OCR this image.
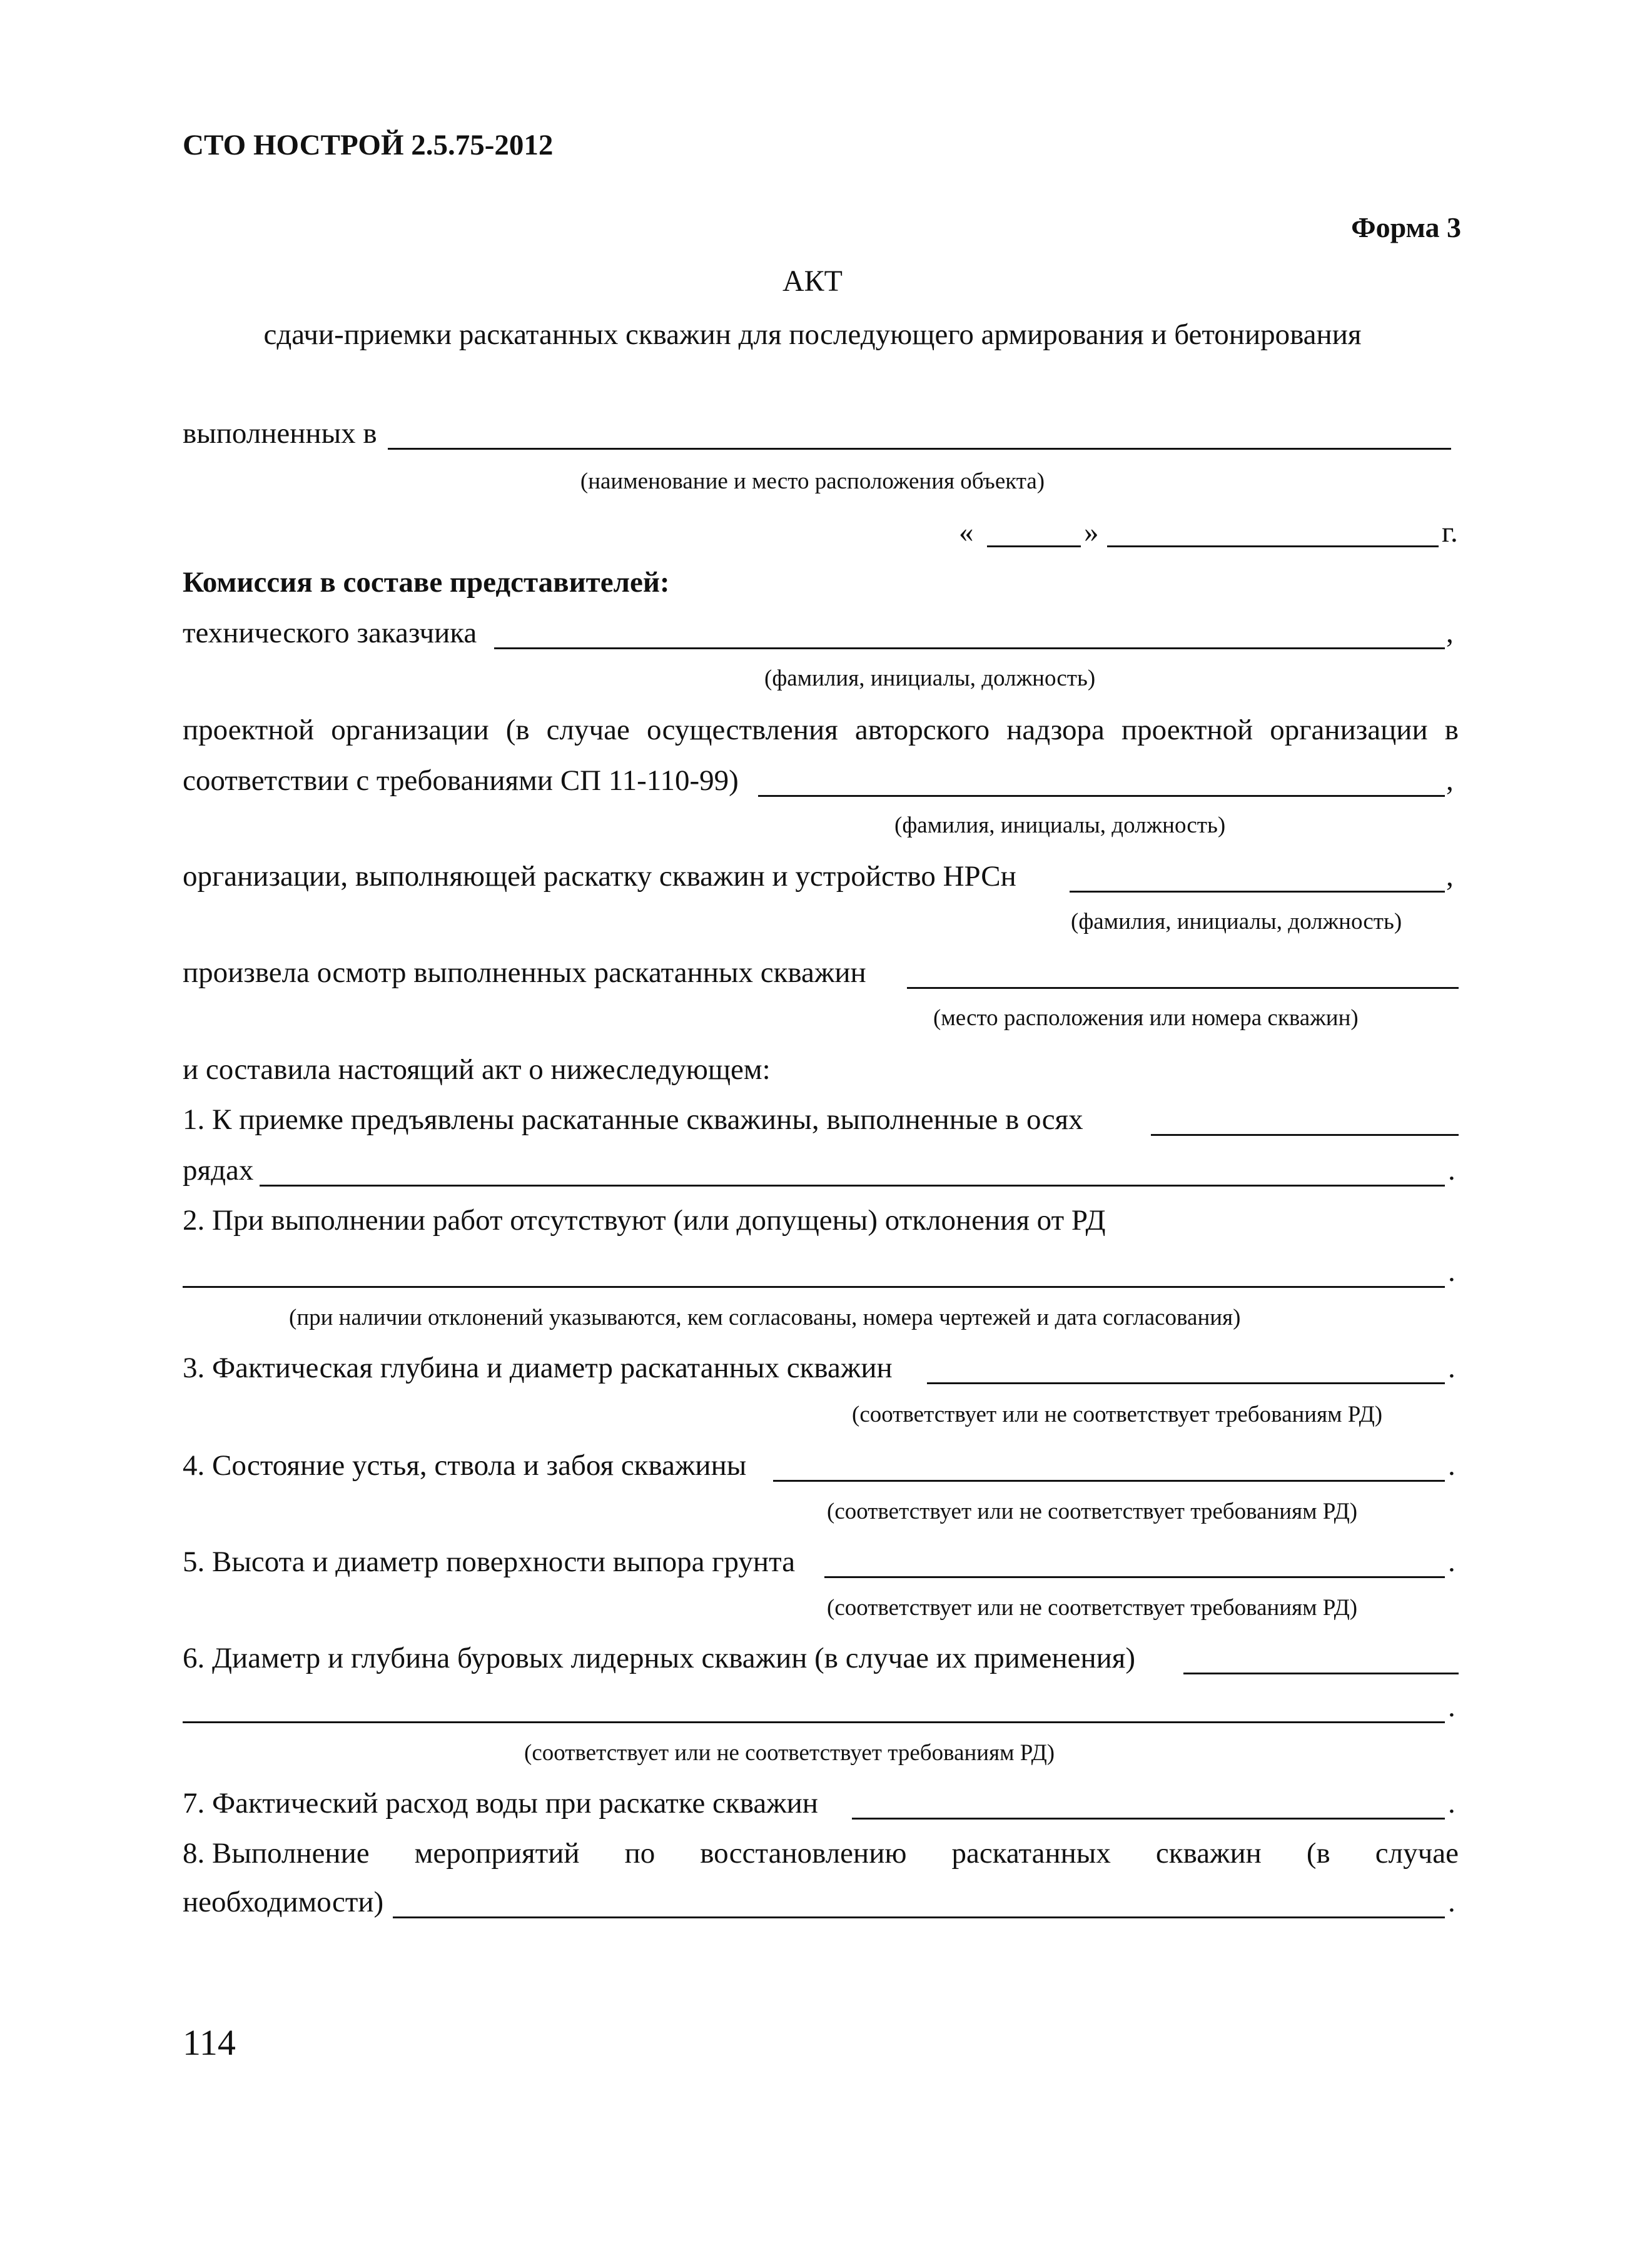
СТО НОСТРОЙ 2.5.75-2012
Форма 3
АКТ
сдачи-приемки раскатанных скважин для последующего армирования и бетонирования
выполненных в
(наименование и место расположения объекта)
«	»	г.
Комиссия в составе представителей:
технического заказчика	,
(фамилия, инициалы, должность)
проектной организации (в случае осуществления авторского надзора проектной организации в
соответствии с требованиями СП 11-110-99)	,
(фамилия, инициалы, должность)
организации, выполняющей раскатку скважин и устройство НРСн	,
(фамилия, инициалы, должность)
произвела осмотр выполненных раскатанных скважин
(место расположения или номера скважин)
и составила настоящий акт о нижеследующем:
1. К приемке предъявлены раскатанные скважины, выполненные в осях
рядах	.
2. При выполнении работ отсутствуют (или допущены) отклонения от РД
.
(при наличии отклонений указываются, кем согласованы, номера чертежей и дата согласования)
3. Фактическая глубина и диаметр раскатанных скважин	.
(соответствует или не соответствует требованиям РД)
4. Состояние устья, ствола и забоя скважины	.
(соответствует или не соответствует требованиям РД)
5. Высота и диаметр поверхности выпора грунта	.
(соответствует или не соответствует требованиям РД)
6. Диаметр и глубина буровых лидерных скважин (в случае их применения)
.
(соответствует или не соответствует требованиям РД)
7. Фактический расход воды при раскатке скважин	.
8. Выполнение мероприятий по восстановлению раскатанных скважин (в случае
необходимости)	.
114
